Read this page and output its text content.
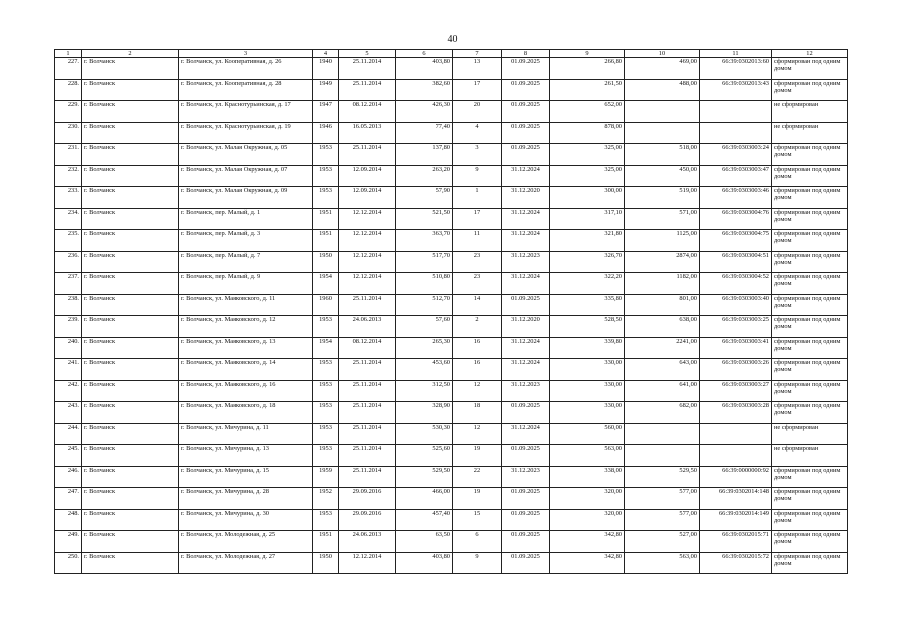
40
1	2	3	4	5	6	7	8	9	10	11	12
227.	г. Волчанск	г. Волчанск, ул. Кооперативная, д. 26	1940	25.11.2014	403,80	13	01.09.2025	266,80	469,00	66:39:0302013:60	сформирован под одним домом
228.	г. Волчанск	г. Волчанск, ул. Кооперативная, д. 28	1949	25.11.2014	382,60	17	01.09.2025	261,50	488,00	66:39:0302013:43	сформирован под одним домом
229.	г. Волчанск	г. Волчанск, ул. Краснотурьинская, д. 17	1947	08.12.2014	426,30	20	01.09.2025	652,00			не сформирован
230.	г. Волчанск	г. Волчанск, ул. Краснотурьинская, д. 19	1946	16.05.2013	77,40	4	01.09.2025	878,00			не сформирован
231.	г. Волчанск	г. Волчанск, ул. Малая Окружная, д. 05	1953	25.11.2014	137,80	3	01.09.2025	325,00	518,00	66:39:0303003:24	сформирован под одним домом
232.	г. Волчанск	г. Волчанск, ул. Малая Окружная, д. 07	1953	12.09.2014	263,20	9	31.12.2024	325,00	450,00	66:39:0303003:47	сформирован под одним домом
233.	г. Волчанск	г. Волчанск, ул. Малая Окружная, д. 09	1953	12.09.2014	57,90	1	31.12.2020	300,00	519,00	66:39:0303003:46	сформирован под одним домом
234.	г. Волчанск	г. Волчанск, пер. Малый, д. 1	1951	12.12.2014	521,50	17	31.12.2024	317,10	571,00	66:39:0303004:76	сформирован под одним домом
235.	г. Волчанск	г. Волчанск, пер. Малый, д. 3	1951	12.12.2014	363,70	11	31.12.2024	321,80	1125,00	66:39:0303004:75	сформирован под одним домом
236.	г. Волчанск	г. Волчанск, пер. Малый, д. 7	1950	12.12.2014	517,70	23	31.12.2023	326,70	2874,00	66:39:0303004:51	сформирован под одним домом
237.	г. Волчанск	г. Волчанск, пер. Малый, д. 9	1954	12.12.2014	510,80	23	31.12.2024	322,20	1182,00	66:39:0303004:52	сформирован под одним домом
238.	г. Волчанск	г. Волчанск, ул. Маяковского, д. 11	1960	25.11.2014	512,70	14	01.09.2025	335,80	801,00	66:39:0303003:40	сформирован под одним домом
239.	г. Волчанск	г. Волчанск, ул. Маяковского, д. 12	1953	24.06.2013	57,60	2	31.12.2020	528,50	638,00	66:39:0303003:25	сформирован под одним домом
240.	г. Волчанск	г. Волчанск, ул. Маяковского, д. 13	1954	08.12.2014	265,30	16	31.12.2024	339,80	2241,00	66:39:0303003:41	сформирован под одним домом
241.	г. Волчанск	г. Волчанск, ул. Маяковского, д. 14	1953	25.11.2014	453,60	16	31.12.2024	330,00	643,00	66:39:0303003:26	сформирован под одним домом
242.	г. Волчанск	г. Волчанск, ул. Маяковского, д. 16	1953	25.11.2014	312,50	12	31.12.2023	330,00	641,00	66:39:0303003:27	сформирован под одним домом
243.	г. Волчанск	г. Волчанск, ул. Маяковского, д. 18	1953	25.11.2014	328,90	18	01.09.2025	330,00	682,00	66:39:0303003:28	сформирован под одним домом
244.	г. Волчанск	г. Волчанск, ул. Мичурина, д. 11	1953	25.11.2014	530,30	12	31.12.2024	560,00			не сформирован
245.	г. Волчанск	г. Волчанск, ул. Мичурина, д. 13	1953	25.11.2014	525,60	19	01.09.2025	563,00			не сформирован
246.	г. Волчанск	г. Волчанск, ул. Мичурина, д. 15	1959	25.11.2014	529,50	22	31.12.2023	338,00	529,50	66:39:0000000:92	сформирован под одним домом
247.	г. Волчанск	г. Волчанск, ул. Мичурина, д. 28	1952	29.09.2016	466,00	19	01.09.2025	320,00	577,00	66:39:0302014:148	сформирован под одним домом
248.	г. Волчанск	г. Волчанск, ул. Мичурина, д. 30	1953	29.09.2016	457,40	15	01.09.2025	320,00	577,00	66:39:0302014:149	сформирован под одним домом
249.	г. Волчанск	г. Волчанск, ул. Молодежная, д. 25	1951	24.06.2013	63,50	6	01.09.2025	342,80	527,00	66:39:0302015:71	сформирован под одним домом
250.	г. Волчанск	г. Волчанск, ул. Молодежная, д. 27	1950	12.12.2014	403,80	9	01.09.2025	342,80	563,00	66:39:0302015:72	сформирован под одним домом
